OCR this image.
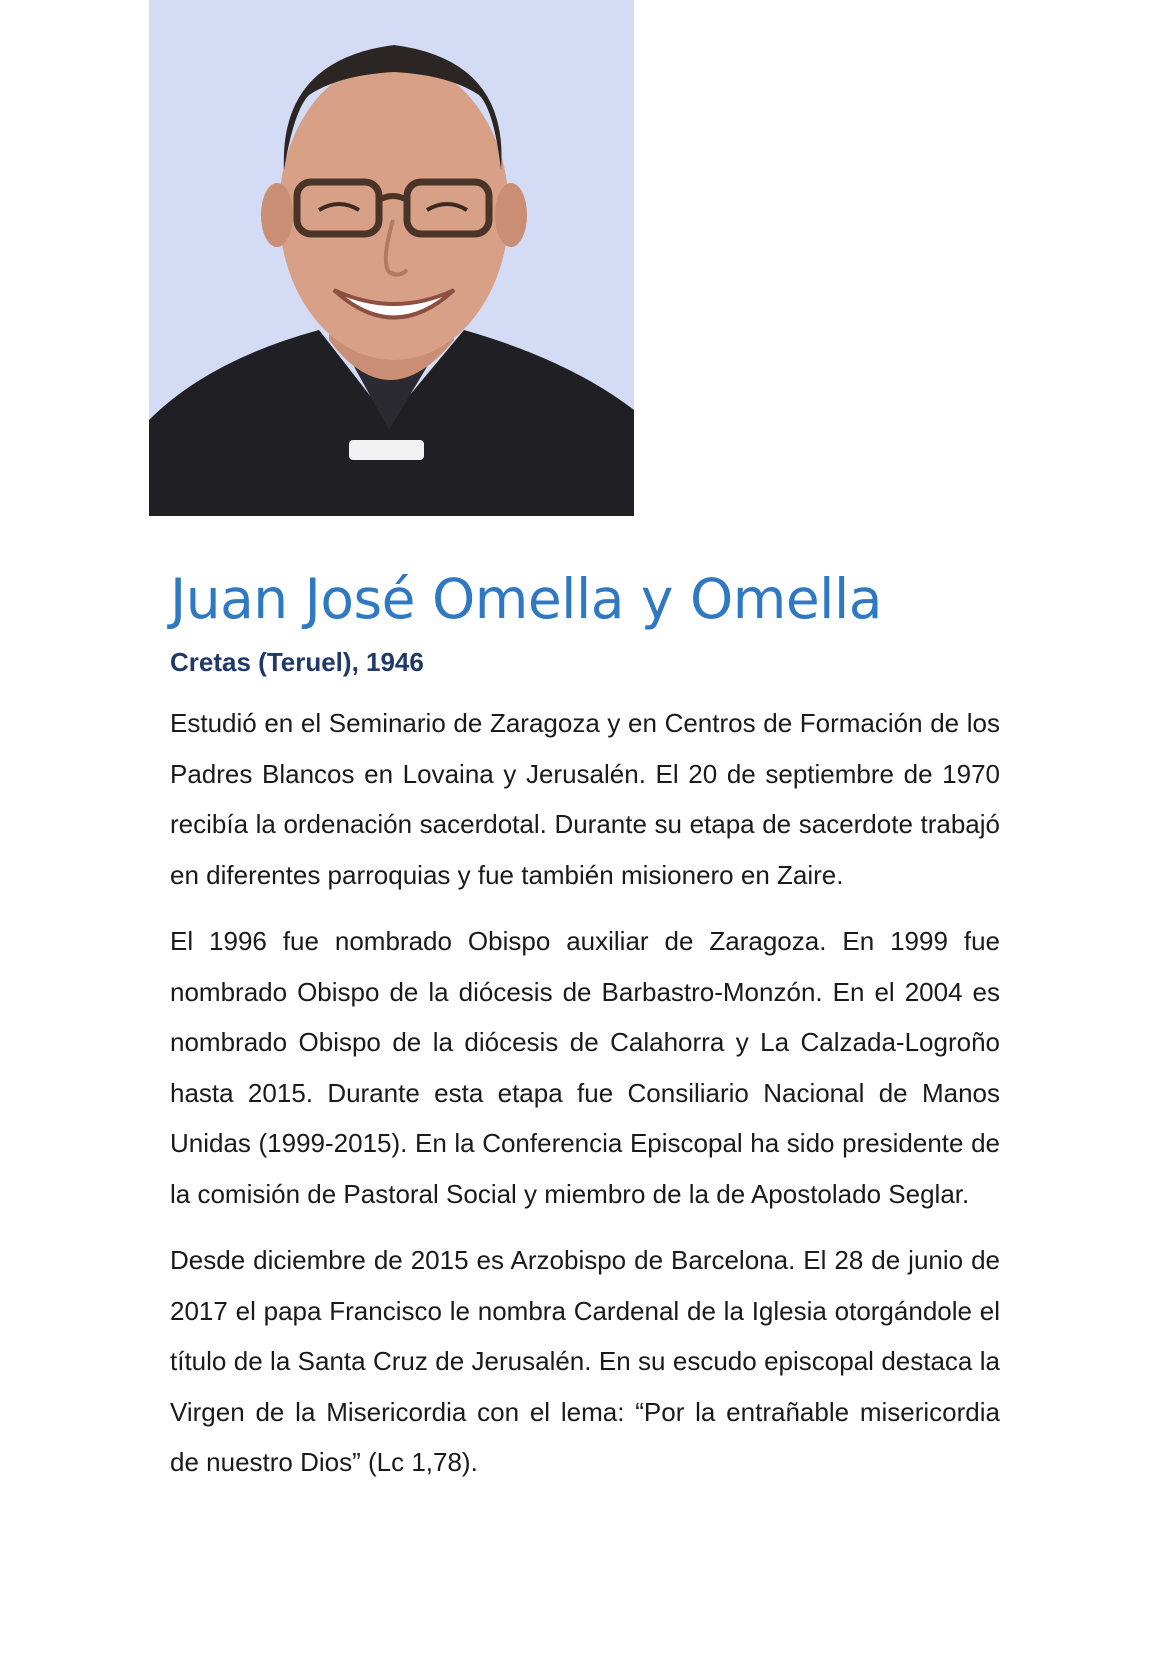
Juan José Omella y Omella
Cretas (Teruel), 1946

Estudió en el Seminario de Zaragoza y en Centros de Formación de los Padres Blancos en Lovaina y Jerusalén. El 20 de septiembre de 1970 recibía la ordenación sacerdotal. Durante su etapa de sacerdote trabajó en diferentes parroquias y fue también misionero en Zaire.

El 1996 fue nombrado Obispo auxiliar de Zaragoza. En 1999 fue nombrado Obispo de la diócesis de Barbastro-Monzón. En el 2004 es nombrado Obispo de la diócesis de Calahorra y La Calzada-Logroño hasta 2015. Durante esta etapa fue Consiliario Nacional de Manos Unidas (1999-2015). En la Conferencia Episcopal ha sido presidente de la comisión de Pastoral Social y miembro de la de Apostolado Seglar.

Desde diciembre de 2015 es Arzobispo de Barcelona. El 28 de junio de 2017 el papa Francisco le nombra Cardenal de la Iglesia otorgándole el título de la Santa Cruz de Jerusalén. En su escudo episcopal destaca la Virgen de la Misericordia con el lema: “Por la entrañable misericordia de nuestro Dios” (Lc 1,78).
